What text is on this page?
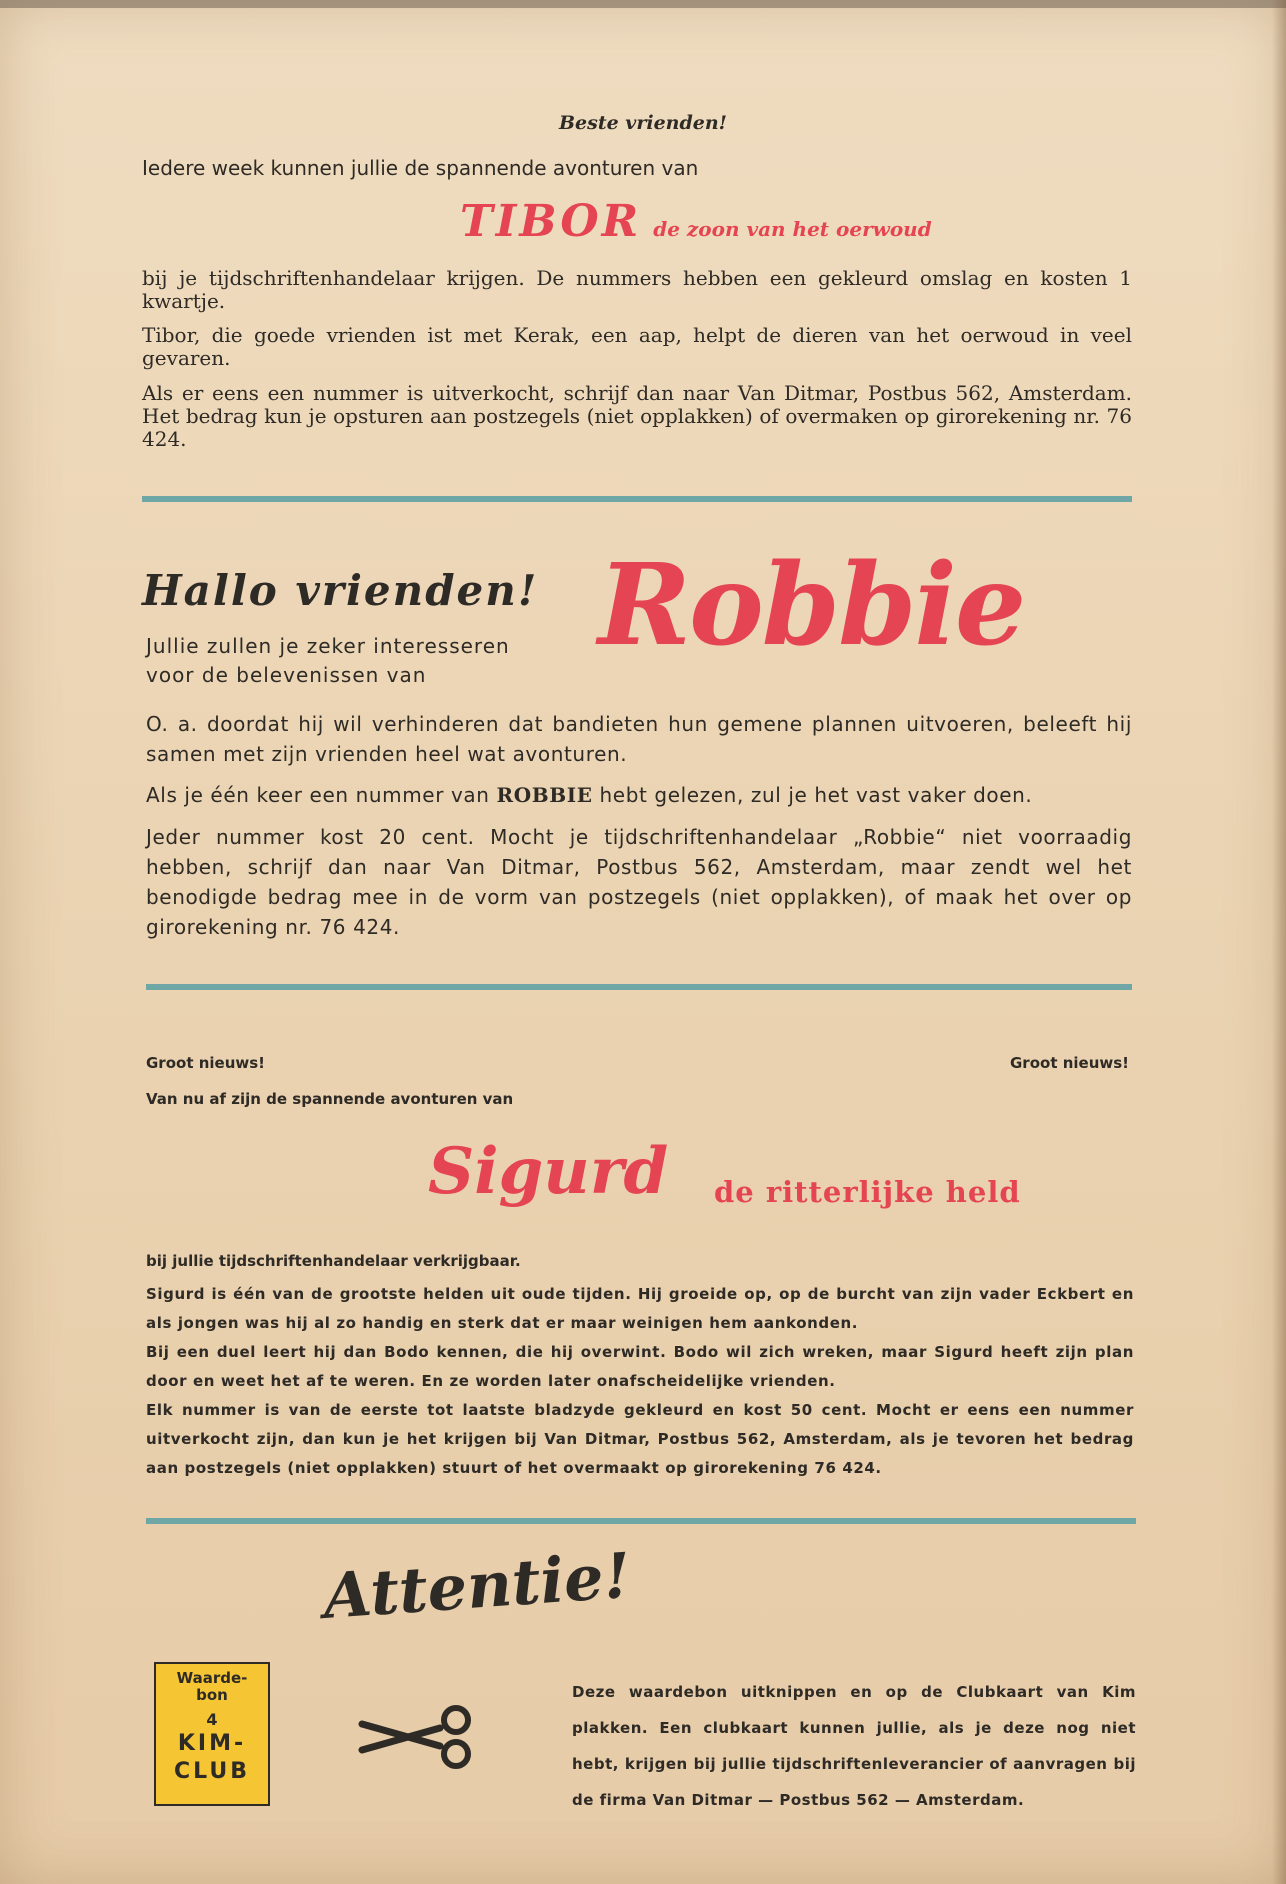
Beste vrienden!
Iedere week kunnen jullie de spannende avonturen van
TIBOR de zoon van het oerwoud
bij je tijdschriftenhandelaar krijgen. De nummers hebben een gekleurd omslag en kosten 1 kwartje.
Tibor, die goede vrienden ist met Kerak, een aap, helpt de dieren van het oerwoud in veel gevaren.
Als er eens een nummer is uitverkocht, schrijf dan naar Van Ditmar, Postbus 562, Amsterdam. Het bedrag kun je opsturen aan postzegels (niet opplakken) of overmaken op girorekening nr. 76 424.
Hallo vrienden!
Jullie zullen je zeker interesseren voor de belevenissen van
Robbie
O. a. doordat hij wil verhinderen dat bandieten hun gemene plannen uitvoeren, beleeft hij samen met zijn vrienden heel wat avonturen.
Als je één keer een nummer van ROBBIE hebt gelezen, zul je het vast vaker doen.
Jeder nummer kost 20 cent. Mocht je tijdschriftenhandelaar „Robbie“ niet voorraadig hebben, schrijf dan naar Van Ditmar, Postbus 562, Amsterdam, maar zendt wel het benodigde bedrag mee in de vorm van postzegels (niet opplakken), of maak het over op girorekening nr. 76 424.
Groot nieuws!	Groot nieuws!
Van nu af zijn de spannende avonturen van
Sigurd de ritterlijke held
bij jullie tijdschriftenhandelaar verkrijgbaar.
Sigurd is één van de grootste helden uit oude tijden. Hij groeide op, op de burcht van zijn vader Eckbert en als jongen was hij al zo handig en sterk dat er maar weinigen hem aankonden.
Bij een duel leert hij dan Bodo kennen, die hij overwint. Bodo wil zich wreken, maar Sigurd heeft zijn plan door en weet het af te weren. En ze worden later onafscheidelijke vrienden.
Elk nummer is van de eerste tot laatste bladzyde gekleurd en kost 50 cent. Mocht er eens een nummer uitverkocht zijn, dan kun je het krijgen bij Van Ditmar, Postbus 562, Amsterdam, als je tevoren het bedrag aan postzegels (niet opplakken) stuurt of het overmaakt op girorekening 76 424.
Attentie!
Waarde-
bon
4
KIM-
CLUB
Deze waardebon uitknippen en op de Clubkaart van Kim plakken. Een clubkaart kunnen jullie, als je deze nog niet hebt, krijgen bij jullie tijdschriftenleverancier of aanvragen bij de firma Van Ditmar — Postbus 562 — Amsterdam.
